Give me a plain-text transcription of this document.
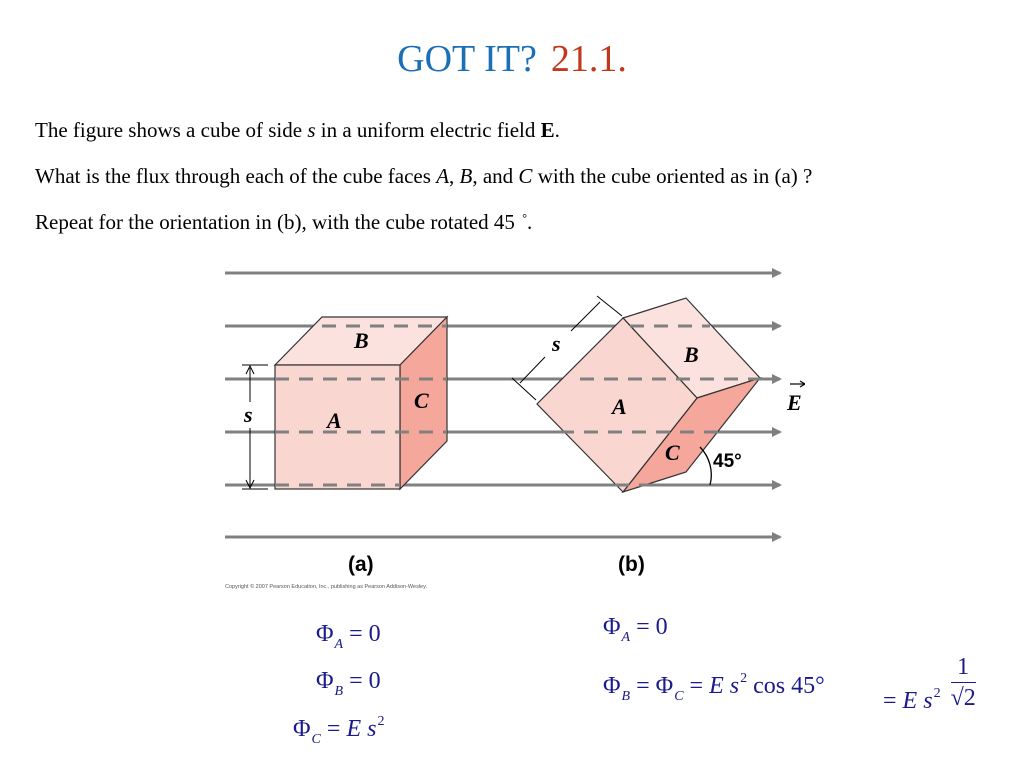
GOT IT? 21.1.
The figure shows a cube of side s in a uniform electric field E.
What is the flux through each of the cube faces A, B, and C with the cube oriented as in (a) ?
Repeat for the orientation in (b), with the cube rotated 45 °.
B
C
A
s
s	B
A
C
E
45°
(a)	(b)
Copyright © 2007 Pearson Education, Inc., publishing as Pearson Addison-Wesley.
$\Phi_A = 0$
$\Phi_B = 0$
$\Phi_C = E$ $s^2$
$\Phi_A = 0$
$\Phi_B = \Phi_C = E$ $s^2$ cos 45°
= E $s^2 \frac{1}{√2}$
